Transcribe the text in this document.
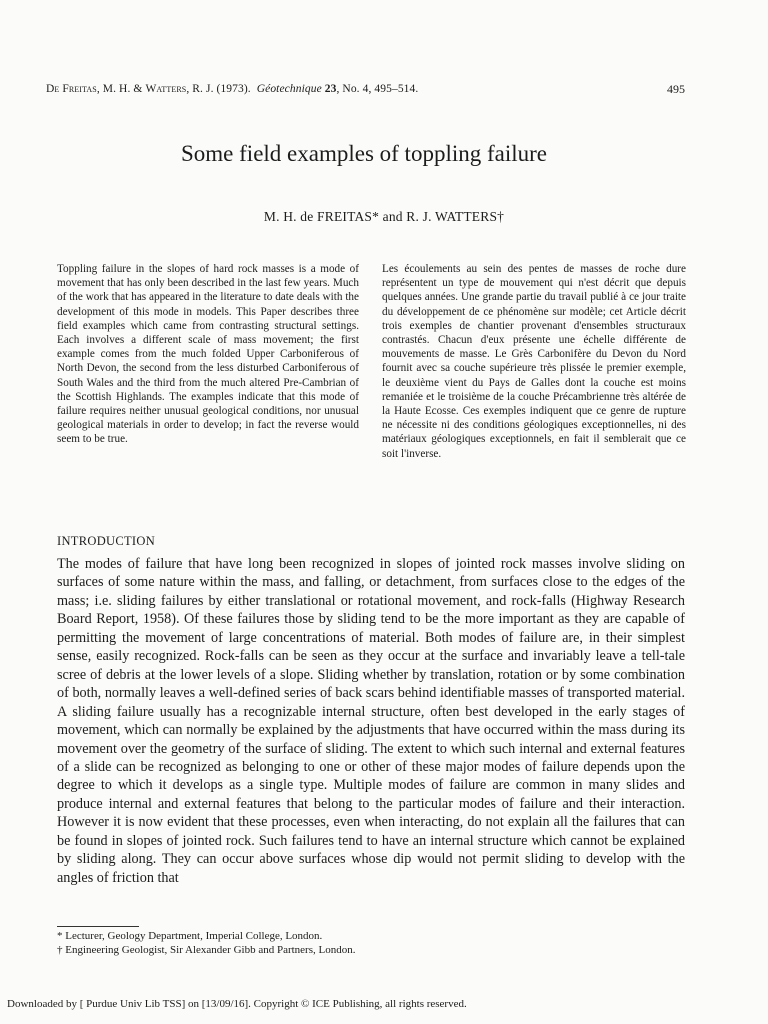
De Freitas, M. H. & Watters, R. J. (1973). Géotechnique 23, No. 4, 495–514.	495
Some field examples of toppling failure
M. H. de FREITAS* and R. J. WATTERS†

Toppling failure in the slopes of hard rock masses is a mode of movement that has only been described in the last few years. Much of the work that has appeared in the literature to date deals with the development of this mode in models. This Paper describes three field examples which came from contrasting structural settings. Each involves a different scale of mass movement; the first example comes from the much folded Upper Carboniferous of North Devon, the second from the less disturbed Carboniferous of South Wales and the third from the much altered Pre-Cambrian of the Scottish Highlands. The examples indicate that this mode of failure requires neither unusual geological conditions, nor unusual geological materials in order to develop; in fact the reverse would seem to be true.

Les écoulements au sein des pentes de masses de roche dure représentent un type de mouvement qui n'est décrit que depuis quelques années. Une grande partie du travail publié à ce jour traite du développement de ce phénomène sur modèle; cet Article décrit trois exemples de chantier provenant d'ensembles structuraux contrastés. Chacun d'eux présente une échelle différente de mouvements de masse. Le Grès Carbonifère du Devon du Nord fournit avec sa couche supérieure très plissée le premier exemple, le deuxième vient du Pays de Galles dont la couche est moins remaniée et le troisième de la couche Précambrienne très altérée de la Haute Ecosse. Ces exemples indiquent que ce genre de rupture ne nécessite ni des conditions géologiques exceptionnelles, ni des matériaux géologiques exceptionnels, en fait il semblerait que ce soit l'inverse.

INTRODUCTION

The modes of failure that have long been recognized in slopes of jointed rock masses involve sliding on surfaces of some nature within the mass, and falling, or detachment, from surfaces close to the edges of the mass; i.e. sliding failures by either translational or rotational movement, and rock-falls (Highway Research Board Report, 1958). Of these failures those by sliding tend to be the more important as they are capable of permitting the movement of large concentrations of material. Both modes of failure are, in their simplest sense, easily recognized. Rock-falls can be seen as they occur at the surface and invariably leave a tell-tale scree of debris at the lower levels of a slope. Sliding whether by translation, rotation or by some combination of both, normally leaves a well-defined series of back scars behind identifiable masses of transported material. A sliding failure usually has a recognizable internal structure, often best developed in the early stages of movement, which can normally be explained by the adjustments that have occurred within the mass during its movement over the geometry of the surface of sliding. The extent to which such internal and external features of a slide can be recognized as belonging to one or other of these major modes of failure depends upon the degree to which it develops as a single type. Multiple modes of failure are common in many slides and produce internal and external features that belong to the particular modes of failure and their interaction. However it is now evident that these processes, even when interacting, do not explain all the failures that can be found in slopes of jointed rock. Such failures tend to have an internal structure which cannot be explained by sliding along. They can occur above surfaces whose dip would not permit sliding to develop with the angles of friction that

* Lecturer, Geology Department, Imperial College, London.
† Engineering Geologist, Sir Alexander Gibb and Partners, London.
Downloaded by [ Purdue Univ Lib TSS] on [13/09/16]. Copyright © ICE Publishing, all rights reserved.
